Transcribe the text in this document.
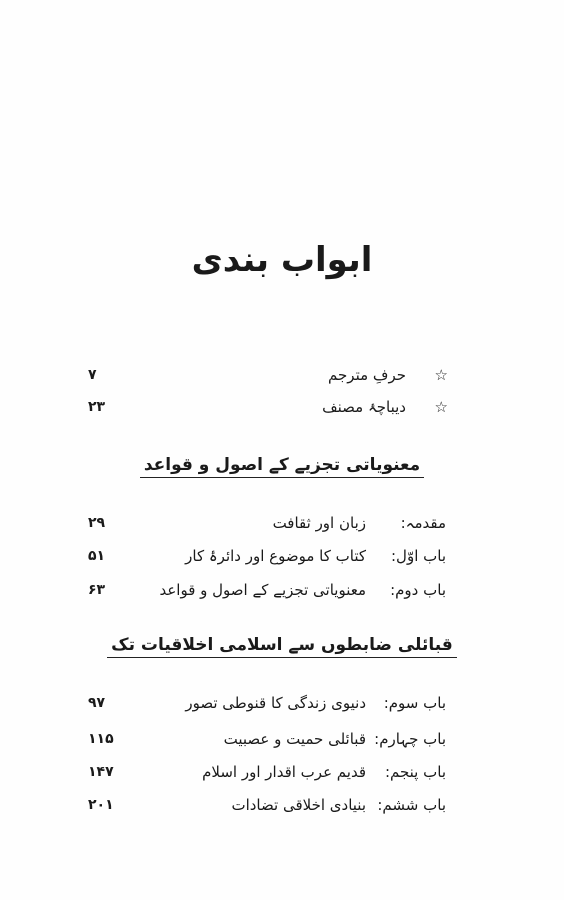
ابواب بندی
☆
حرفِ مترجم
۷
☆
دیباچۂ مصنف
۲۳
معنویاتی تجزیے کے اصول و قواعد
مقدمہ:
زبان اور ثقافت
۲۹
باب اوّل:
کتاب کا موضوع اور دائرۂ کار
۵۱
باب دوم:
معنویاتی تجزیے کے اصول و قواعد
۶۳
قبائلی ضابطوں سے اسلامی اخلاقیات تک
باب سوم:
دنیوی زندگی کا قنوطی تصور
۹۷
باب چہارم:
قبائلی حمیت و عصبیت
۱۱۵
باب پنجم:
قدیم عرب اقدار اور اسلام
۱۴۷
باب ششم:
بنیادی اخلاقی تضادات
۲۰۱
